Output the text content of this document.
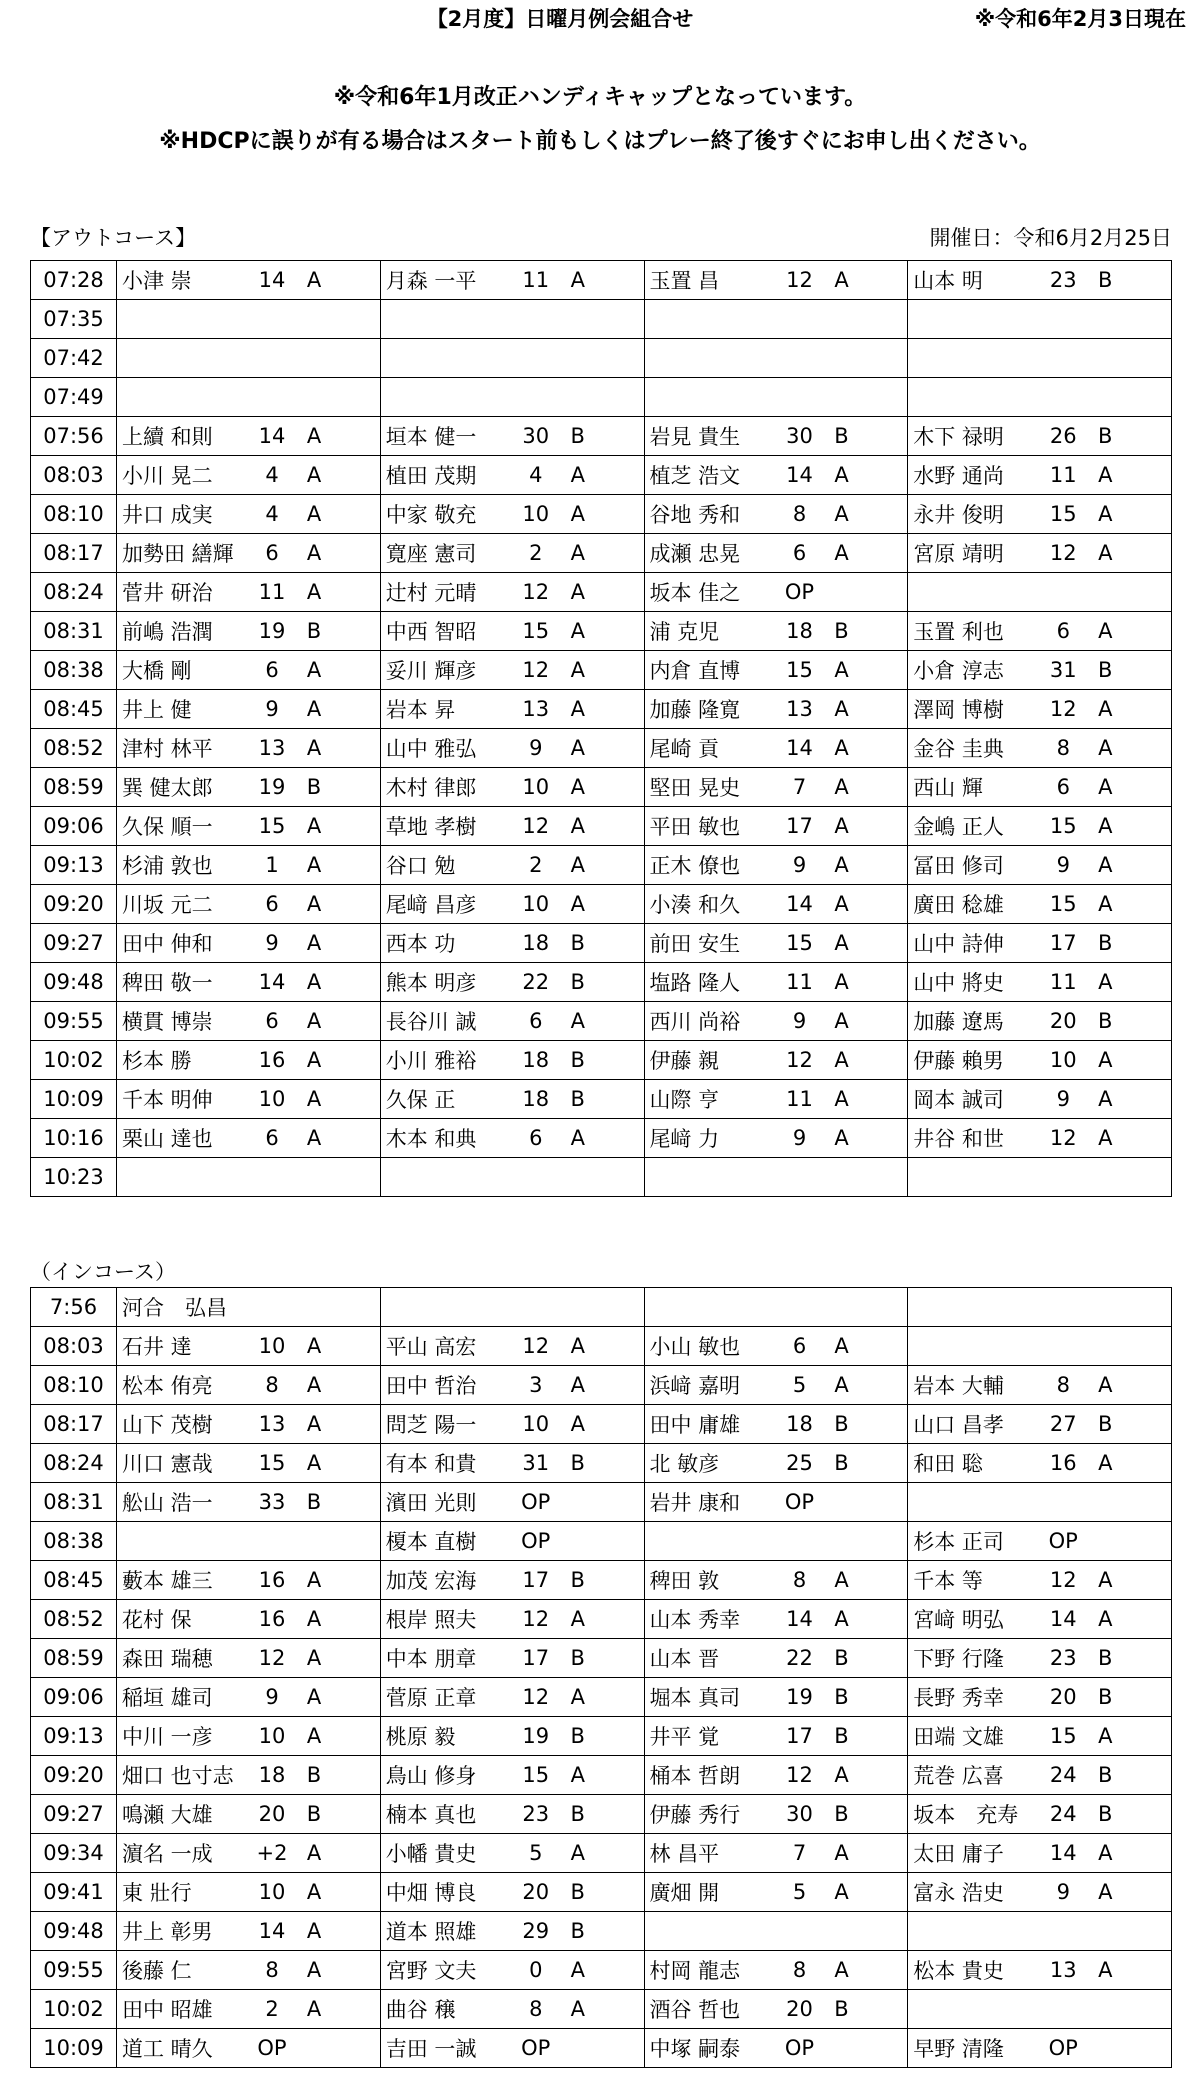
【2月度】日曜月例会組合せ	※令和6年2月3日現在
※令和6年1月改正ハンディキャップとなっています。
※HDCPに誤りが有る場合はスタート前もしくはプレー終了後すぐにお申し出ください。
【アウトコース】	開催日：令和6月2月25日
07:28	小津 崇 14 A	月森 一平 11 A	玉置 昌 12 A	山本 明 23 B

07:35	

07:42	

07:49	

07:56	上續 和則 14 A	垣本 健一 30 B	岩見 貴生 30 B	木下 禄明 26 B

08:03	小川 晃二 4 A	植田 茂期 4 A	植芝 浩文 14 A	水野 通尚 11 A

08:10	井口 成実 4 A	中家 敬充 10 A	谷地 秀和 8 A	永井 俊明 15 A

08:17	加勢田 繕輝 6 A	寛座 憲司 2 A	成瀬 忠晃 6 A	宮原 靖明 12 A

08:24	菅井 研治 11 A	辻村 元晴 12 A	坂本 佳之 OP	

08:31	前嶋 浩潤 19 B	中西 智昭 15 A	浦 克児 18 B	玉置 利也 6 A

08:38	大橋 剛 6 A	妥川 輝彦 12 A	内倉 直博 15 A	小倉 淳志 31 B

08:45	井上 健 9 A	岩本 昇 13 A	加藤 隆寛 13 A	澤岡 博樹 12 A

08:52	津村 林平 13 A	山中 雅弘 9 A	尾崎 貢 14 A	金谷 圭典 8 A

08:59	巽 健太郎 19 B	木村 律郎 10 A	堅田 晃史 7 A	西山 輝 6 A

09:06	久保 順一 15 A	草地 孝樹 12 A	平田 敏也 17 A	金嶋 正人 15 A

09:13	杉浦 敦也 1 A	谷口 勉 2 A	正木 僚也 9 A	冨田 修司 9 A

09:20	川坂 元二 6 A	尾﨑 昌彦 10 A	小湊 和久 14 A	廣田 稔雄 15 A

09:27	田中 伸和 9 A	西本 功 18 B	前田 安生 15 A	山中 詩伸 17 B

09:48	稗田 敬一 14 A	熊本 明彦 22 B	塩路 隆人 11 A	山中 將史 11 A

09:55	横貫 博崇 6 A	長谷川 誠 6 A	西川 尚裕 9 A	加藤 遼馬 20 B

10:02	杉本 勝 16 A	小川 雅裕 18 B	伊藤 親 12 A	伊藤 賴男 10 A

10:09	千本 明伸 10 A	久保 正 18 B	山際 亨 11 A	岡本 誠司 9 A

10:16	栗山 達也 6 A	木本 和典 6 A	尾﨑 力 9 A	井谷 和世 12 A

10:23	

（インコース）
7:56	河合　弘昌			

08:03	石井 達 10 A	平山 高宏 12 A	小山 敏也 6 A	

08:10	松本 侑亮 8 A	田中 哲治 3 A	浜﨑 嘉明 5 A	岩本 大輔 8 A

08:17	山下 茂樹 13 A	問芝 陽一 10 A	田中 庸雄 18 B	山口 昌孝 27 B

08:24	川口 憲哉 15 A	有本 和貴 31 B	北 敏彦 25 B	和田 聡 16 A

08:31	舩山 浩一 33 B	濱田 光則 OP	岩井 康和 OP	

08:38		榎本 直樹 OP		杉本 正司 OP

08:45	藪本 雄三 16 A	加茂 宏海 17 B	稗田 敦 8 A	千本 等 12 A

08:52	花村 保 16 A	根岸 照夫 12 A	山本 秀幸 14 A	宮﨑 明弘 14 A

08:59	森田 瑞穂 12 A	中本 朋章 17 B	山本 晋 22 B	下野 行隆 23 B

09:06	稲垣 雄司 9 A	菅原 正章 12 A	堀本 真司 19 B	長野 秀幸 20 B

09:13	中川 一彦 10 A	桃原 毅 19 B	井平 覚 17 B	田端 文雄 15 A

09:20	畑口 也寸志 18 B	鳥山 修身 15 A	桶本 哲朗 12 A	荒巻 広喜 24 B

09:27	鳴瀬 大雄 20 B	楠本 真也 23 B	伊藤 秀行 30 B	坂本　充寿 24 B

09:34	濵名 一成 +2 A	小幡 貴史 5 A	林 昌平 7 A	太田 庸子 14 A

09:41	東 壯行 10 A	中畑 博良 20 B	廣畑 開 5 A	富永 浩史 9 A

09:48	井上 彰男 14 A	道本 照雄 29 B		

09:55	後藤 仁 8 A	宮野 文夫 0 A	村岡 龍志 8 A	松本 貴史 13 A

10:02	田中 昭雄 2 A	曲谷 穣 8 A	酒谷 哲也 20 B	

10:09	道工 晴久 OP	吉田 一誠 OP	中塚 嗣泰 OP	早野 清隆 OP
